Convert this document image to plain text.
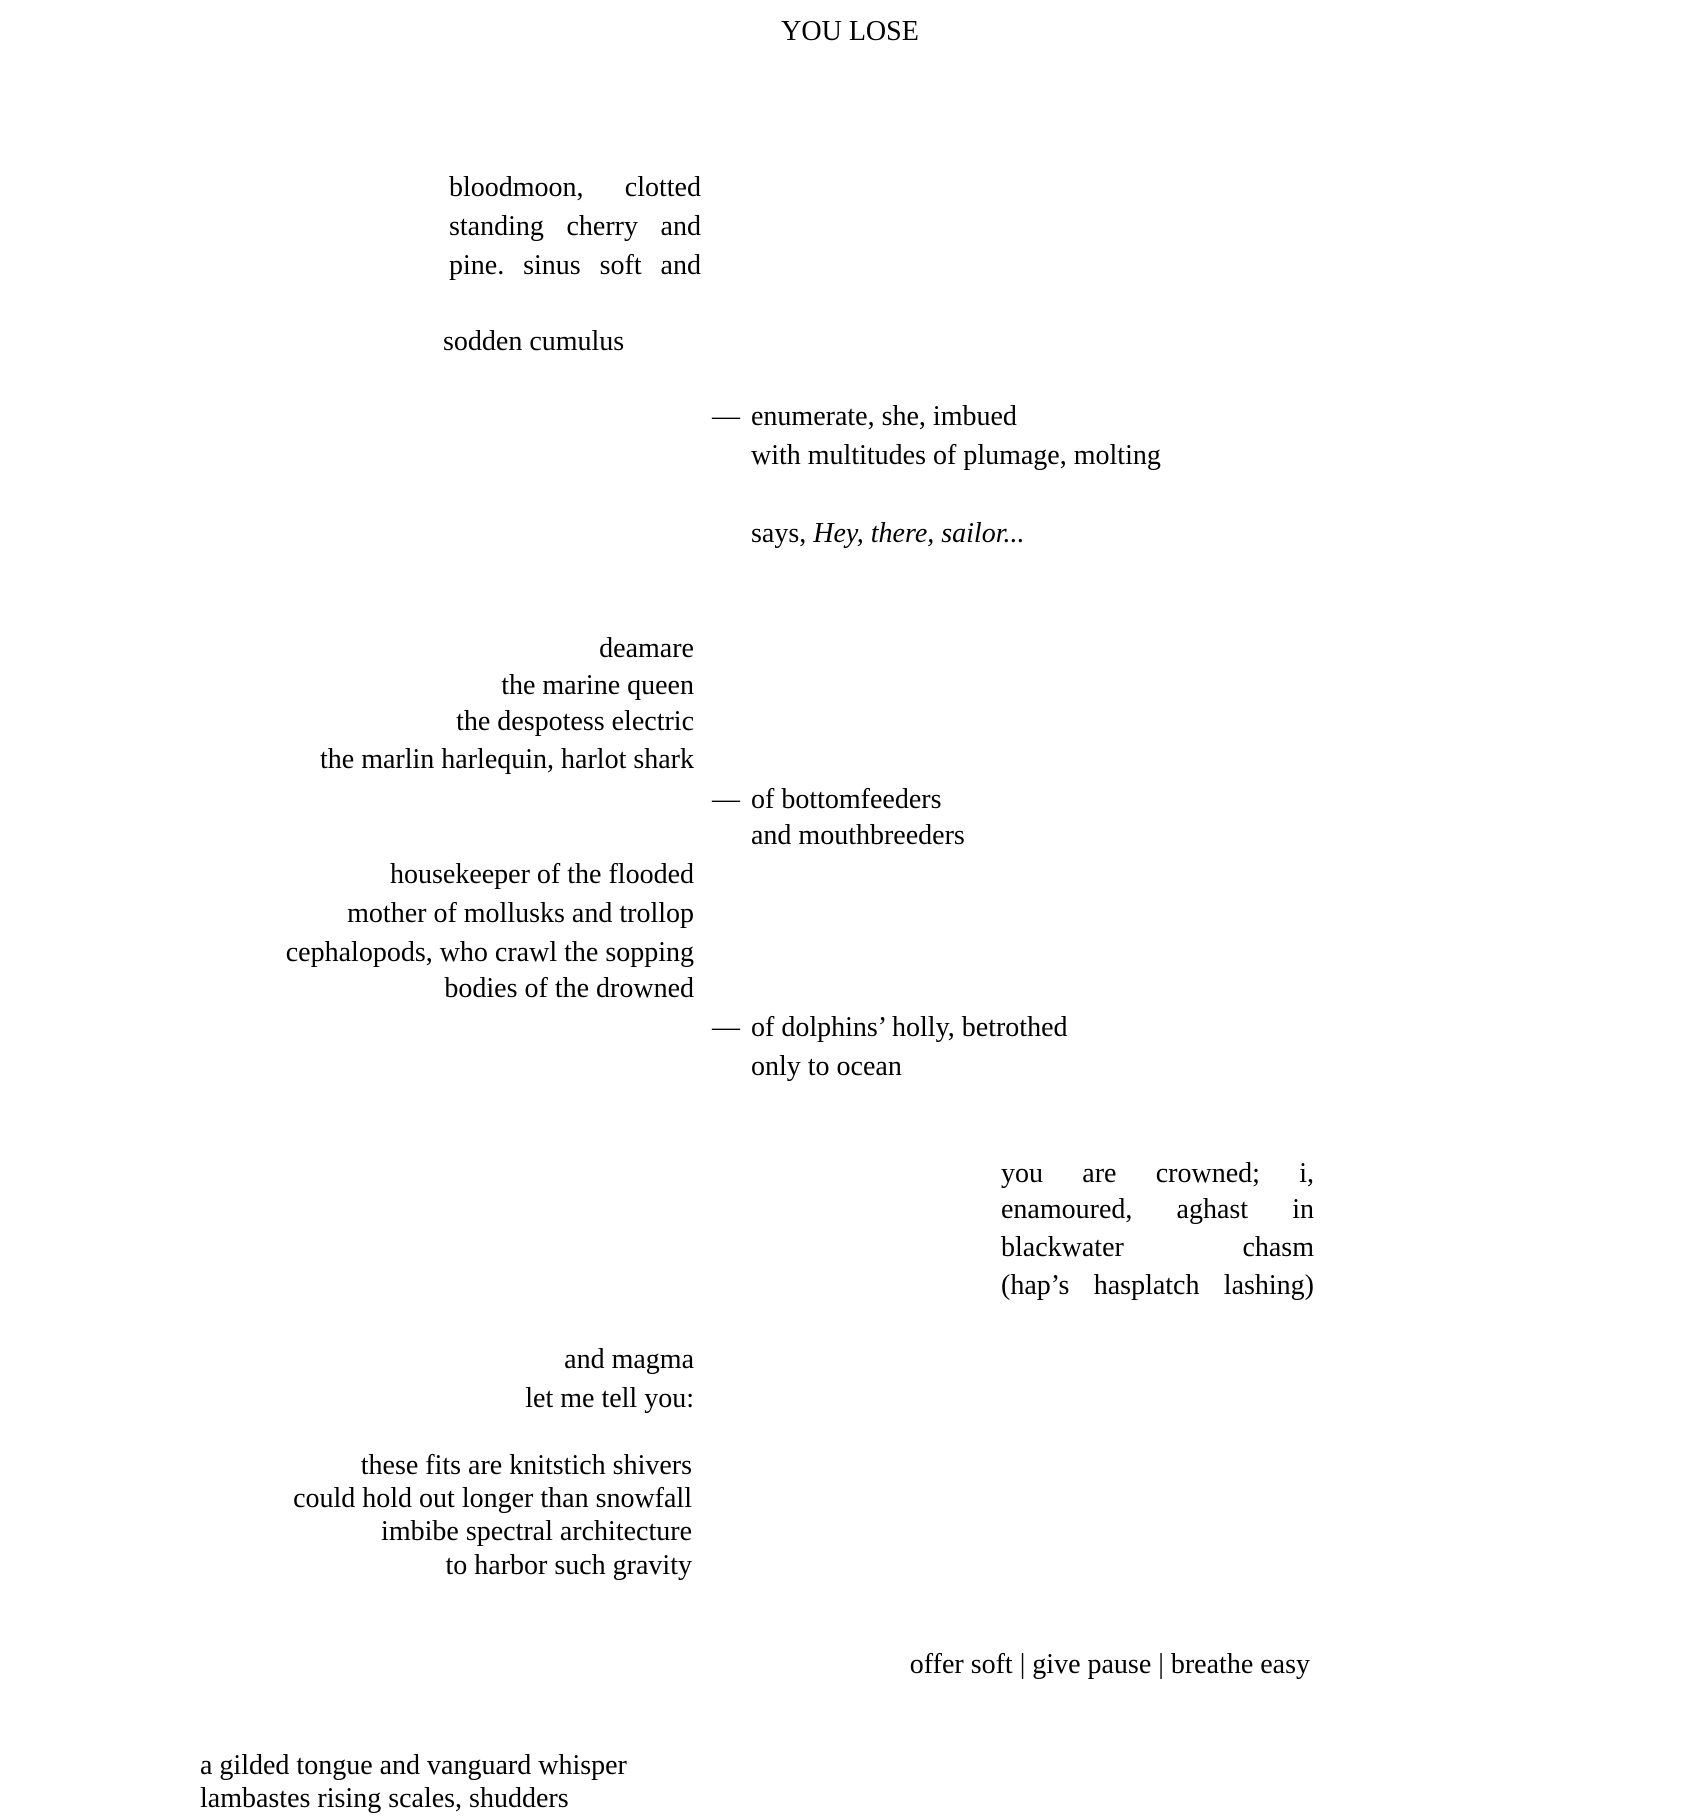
YOU LOSE
bloodmoon, clotted
standing cherry and
pine. sinus soft and
sodden cumulus
— enumerate, she, imbued
with multitudes of plumage, molting
says, Hey, there, sailor...
deamare
the marine queen
the despotess electric
the marlin harlequin, harlot shark
— of bottomfeeders
and mouthbreeders
housekeeper of the flooded
mother of mollusks and trollop
cephalopods, who crawl the sopping
bodies of the drowned
— of dolphins’ holly, betrothed
only to ocean
you are crowned; i,
enamoured, aghast in
blackwater chasm
(hap’s hasplatch lashing)
and magma
let me tell you:
these fits are knitstich shivers
could hold out longer than snowfall
imbibe spectral architecture
to harbor such gravity
offer soft | give pause | breathe easy
a gilded tongue and vanguard whisper
lambastes rising scales, shudders
